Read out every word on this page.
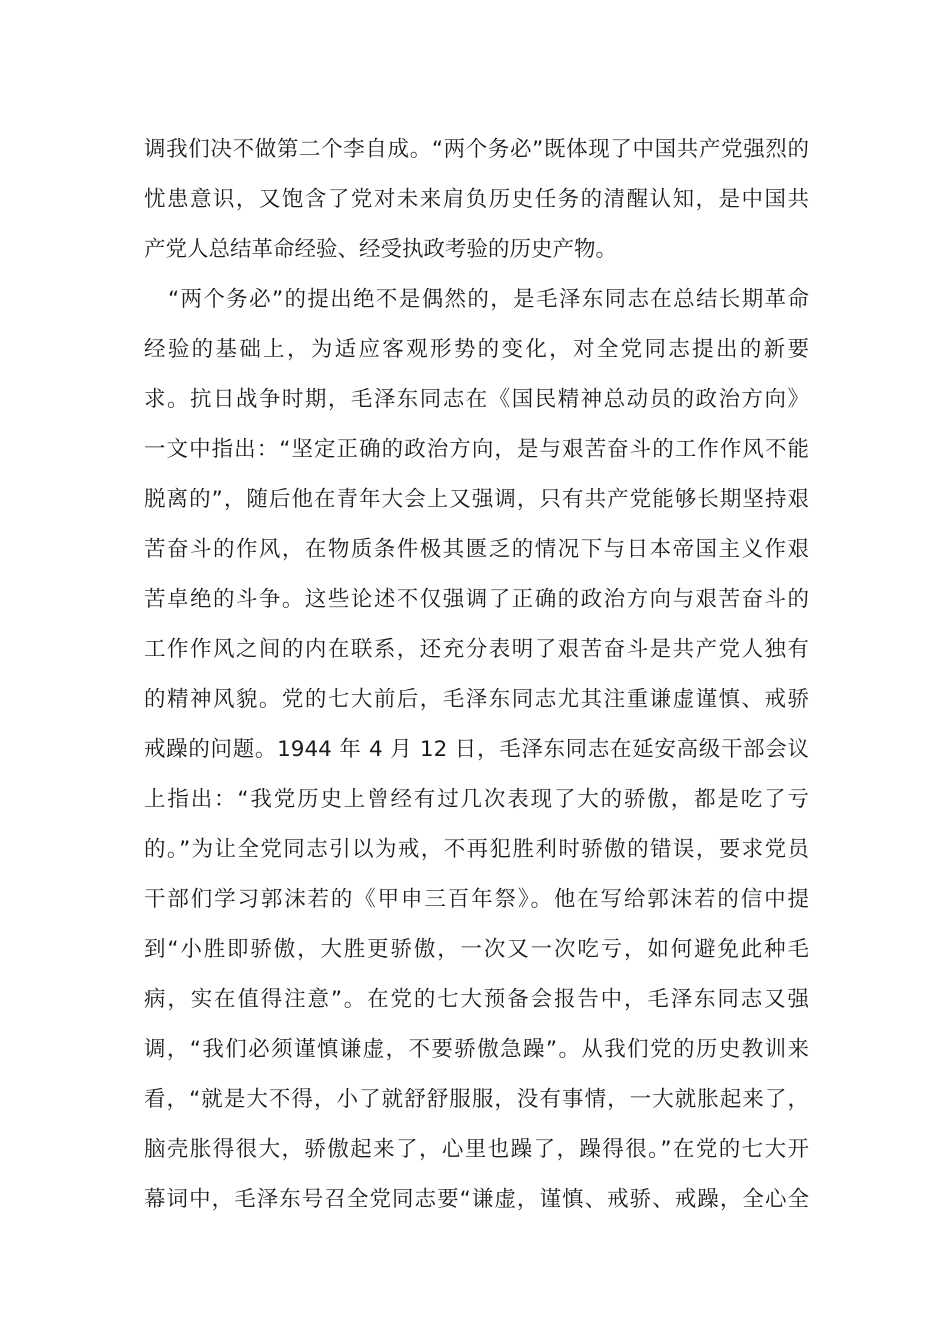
调我们决不做第二个李自成。“两个务必”既体现了中国共产党强烈的
忧患意识，又饱含了党对未来肩负历史任务的清醒认知，是中国共
产党人总结革命经验、经受执政考验的历史产物。
“两个务必”的提出绝不是偶然的，是毛泽东同志在总结长期革命
经验的基础上，为适应客观形势的变化，对全党同志提出的新要
求。抗日战争时期，毛泽东同志在《国民精神总动员的政治方向》
一文中指出：“坚定正确的政治方向，是与艰苦奋斗的工作作风不能
脱离的”，随后他在青年大会上又强调，只有共产党能够长期坚持艰
苦奋斗的作风，在物质条件极其匮乏的情况下与日本帝国主义作艰
苦卓绝的斗争。这些论述不仅强调了正确的政治方向与艰苦奋斗的
工作作风之间的内在联系，还充分表明了艰苦奋斗是共产党人独有
的精神风貌。党的七大前后，毛泽东同志尤其注重谦虚谨慎、戒骄
戒躁的问题。1944 年 4 月 12 日，毛泽东同志在延安高级干部会议
上指出：“我党历史上曾经有过几次表现了大的骄傲，都是吃了亏
的。”为让全党同志引以为戒，不再犯胜利时骄傲的错误，要求党员
干部们学习郭沫若的《甲申三百年祭》。他在写给郭沫若的信中提
到“小胜即骄傲，大胜更骄傲，一次又一次吃亏，如何避免此种毛
病，实在值得注意”。在党的七大预备会报告中，毛泽东同志又强
调，“我们必须谨慎谦虚，不要骄傲急躁”。从我们党的历史教训来
看，“就是大不得，小了就舒舒服服，没有事情，一大就胀起来了，
脑壳胀得很大，骄傲起来了，心里也躁了，躁得很。”在党的七大开
幕词中，毛泽东号召全党同志要“谦虚，谨慎、戒骄、戒躁，全心全
